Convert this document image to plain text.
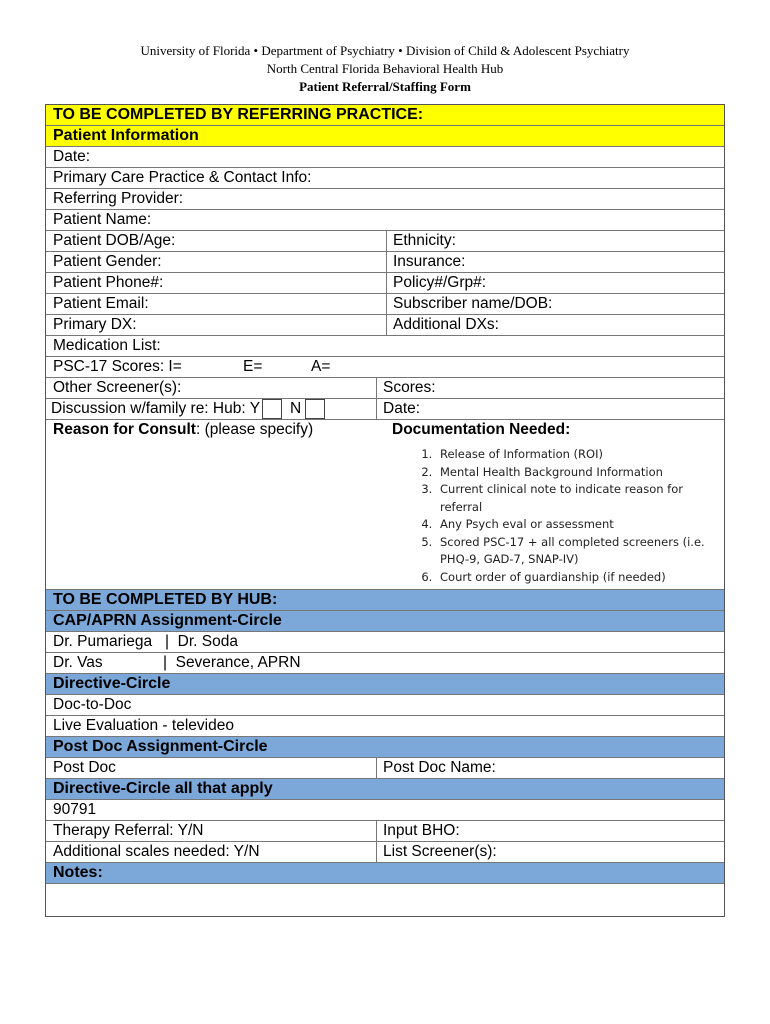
University of Florida • Department of Psychiatry • Division of Child & Adolescent Psychiatry
North Central Florida Behavioral Health Hub
Patient Referral/Staffing Form
TO BE COMPLETED BY REFERRING PRACTICE:
Patient Information
Date:
Primary Care Practice & Contact Info:
Referring Provider:
Patient Name:
Patient DOB/Age:	Ethnicity:
Patient Gender:	Insurance:
Patient Phone#:	Policy#/Grp#:
Patient Email:	Subscriber name/DOB:
Primary DX:	Additional DXs:
Medication List:
PSC-17 Scores: I=	E=	A=
Other Screener(s):	Scores:
Discussion w/family re: Hub: Y N	Date:
Reason for Consult: (please specify)	Documentation Needed:
1. Release of Information (ROI)
2. Mental Health Background Information
3. Current clinical note to indicate reason for referral
4. Any Psych eval or assessment
5. Scored PSC-17 + all completed screeners (i.e. PHQ-9, GAD-7, SNAP-IV)
6. Court order of guardianship (if needed)
TO BE COMPLETED BY HUB:
CAP/APRN Assignment-Circle
Dr. Pumariega   |  Dr. Soda
Dr. Vas              |  Severance, APRN
Directive-Circle
Doc-to-Doc
Live Evaluation - televideo
Post Doc Assignment-Circle
Post Doc	Post Doc Name:
Directive-Circle all that apply
90791
Therapy Referral: Y/N	Input BHO:
Additional scales needed: Y/N	List Screener(s):
Notes:
